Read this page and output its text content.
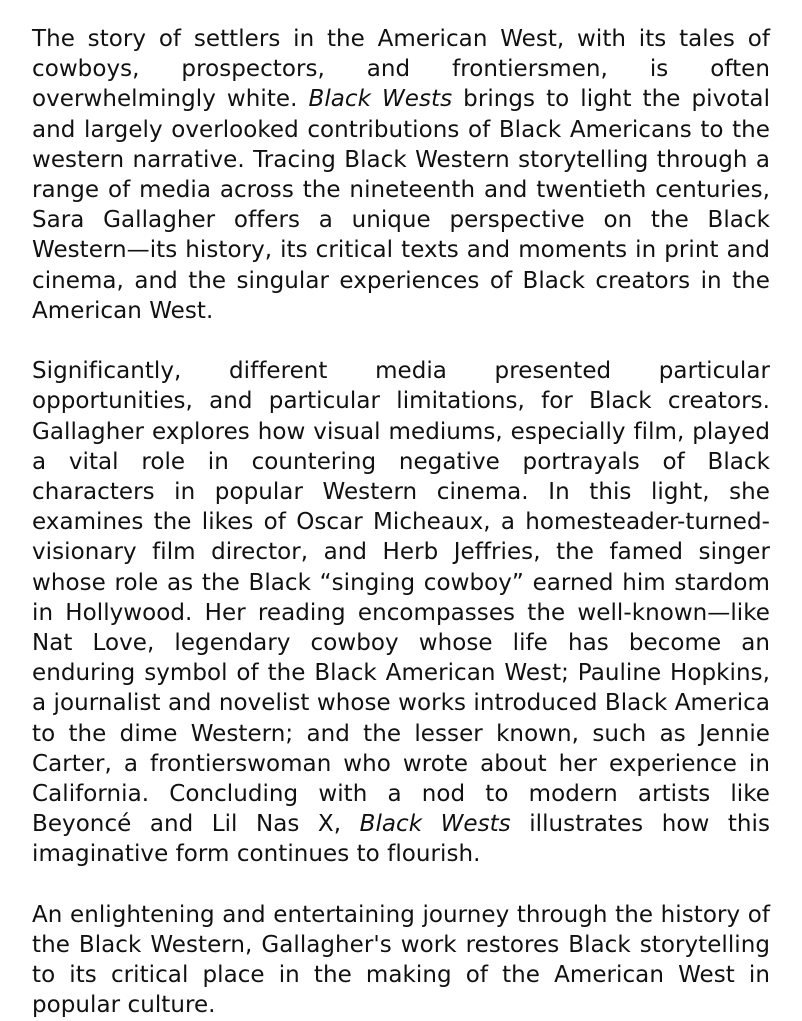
The story of settlers in the American West, with its tales of cowboys, prospectors, and frontiersmen, is often overwhelmingly white. Black Wests brings to light the pivotal and largely overlooked contributions of Black Americans to the western narrative. Tracing Black Western storytelling through a range of media across the nineteenth and twentieth centuries, Sara Gallagher offers a unique perspective on the Black Western—its history, its critical texts and moments in print and cinema, and the singular experiences of Black creators in the American West.

Significantly, different media presented particular opportunities, and particular limitations, for Black creators. Gallagher explores how visual mediums, especially film, played a vital role in countering negative portrayals of Black characters in popular Western cinema. In this light, she examines the likes of Oscar Micheaux, a homesteader-turned-visionary film director, and Herb Jeffries, the famed singer whose role as the Black “singing cowboy” earned him stardom in Hollywood. Her reading encompasses the well-known—like Nat Love, legendary cowboy whose life has become an enduring symbol of the Black American West; Pauline Hopkins, a journalist and novelist whose works introduced Black America to the dime Western; and the lesser known, such as Jennie Carter, a frontierswoman who wrote about her experience in California. Concluding with a nod to modern artists like Beyoncé and Lil Nas X, Black Wests illustrates how this imaginative form continues to flourish.

An enlightening and entertaining journey through the history of the Black Western, Gallagher's work restores Black storytelling to its critical place in the making of the American West in popular culture.
